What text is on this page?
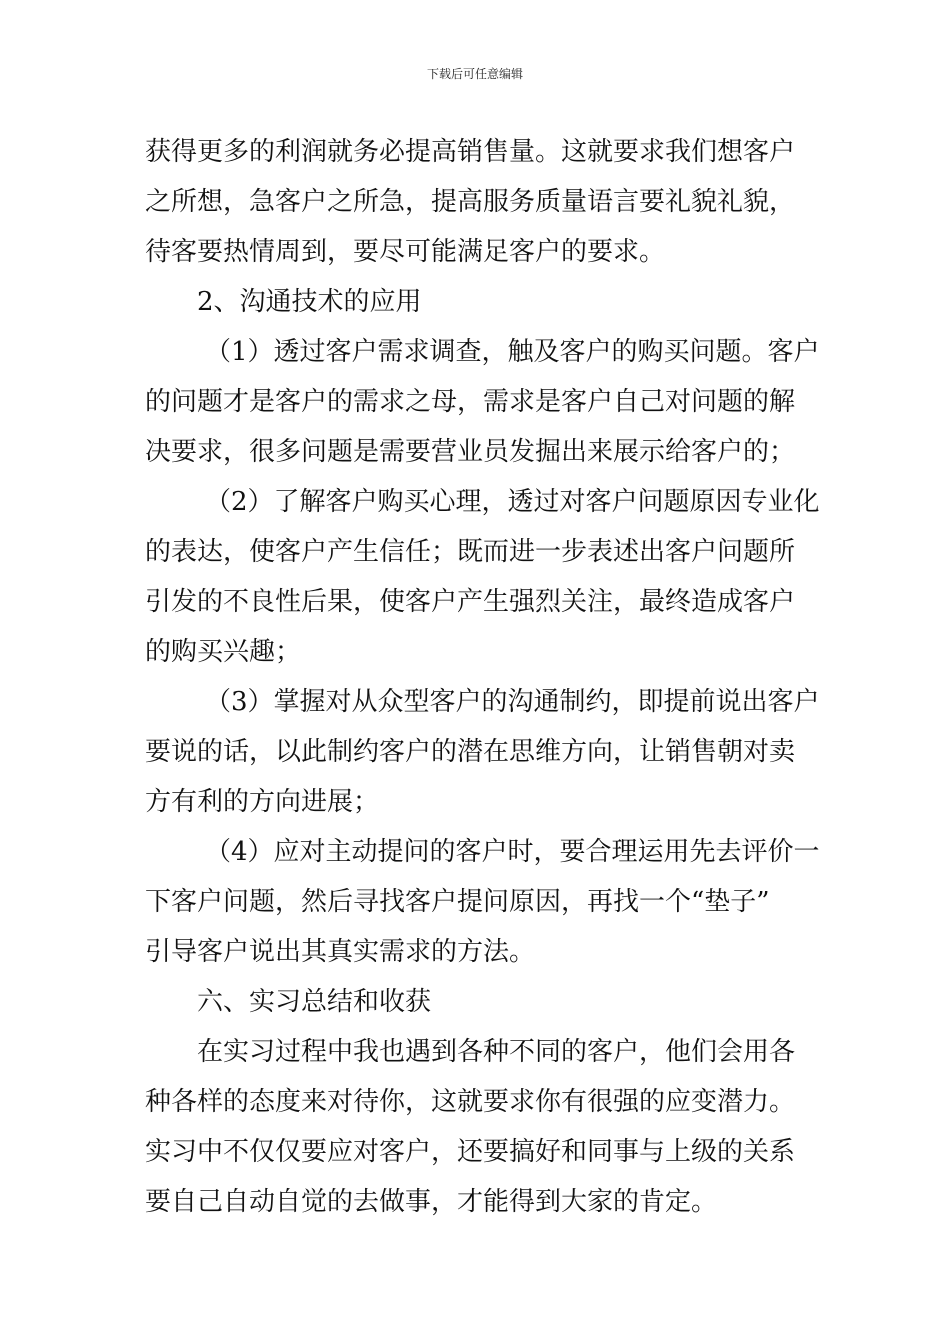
下载后可任意编辑
获得更多的利润就务必提高销售量。这就要求我们想客户
之所想，急客户之所急，提高服务质量语言要礼貌礼貌，
待客要热情周到，要尽可能满足客户的要求。
2、沟通技术的应用
（1）透过客户需求调查，触及客户的购买问题。客户
的问题才是客户的需求之母，需求是客户自己对问题的解
决要求，很多问题是需要营业员发掘出来展示给客户的；
（2）了解客户购买心理，透过对客户问题原因专业化
的表达，使客户产生信任；既而进一步表述出客户问题所
引发的不良性后果，使客户产生强烈关注，最终造成客户
的购买兴趣；
（3）掌握对从众型客户的沟通制约，即提前说出客户
要说的话，以此制约客户的潜在思维方向，让销售朝对卖
方有利的方向进展；
（4）应对主动提问的客户时，要合理运用先去评价一
下客户问题，然后寻找客户提问原因，再找一个“垫子”
引导客户说出其真实需求的方法。
六、实习总结和收获
在实习过程中我也遇到各种不同的客户，他们会用各
种各样的态度来对待你，这就要求你有很强的应变潜力。
实习中不仅仅要应对客户，还要搞好和同事与上级的关系
要自己自动自觉的去做事，才能得到大家的肯定。
